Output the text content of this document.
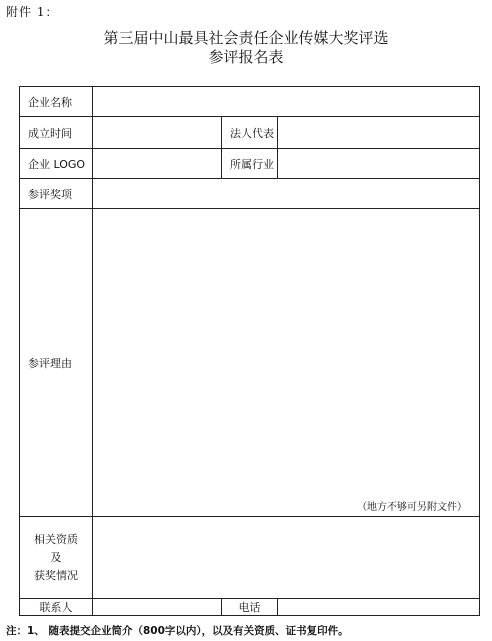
附件 1：
第三届中山最具社会责任企业传媒大奖评选
参评报名表
企业名称			
成立时间		法人代表	
企业 LOGO		所属行业	
参评奖项			
参评理由	（地方不够可另附文件）		

相关资质
及
获奖情况			

联系人		电话	
注：1、 随表提交企业简介（800字以内），以及有关资质、证书复印件。
